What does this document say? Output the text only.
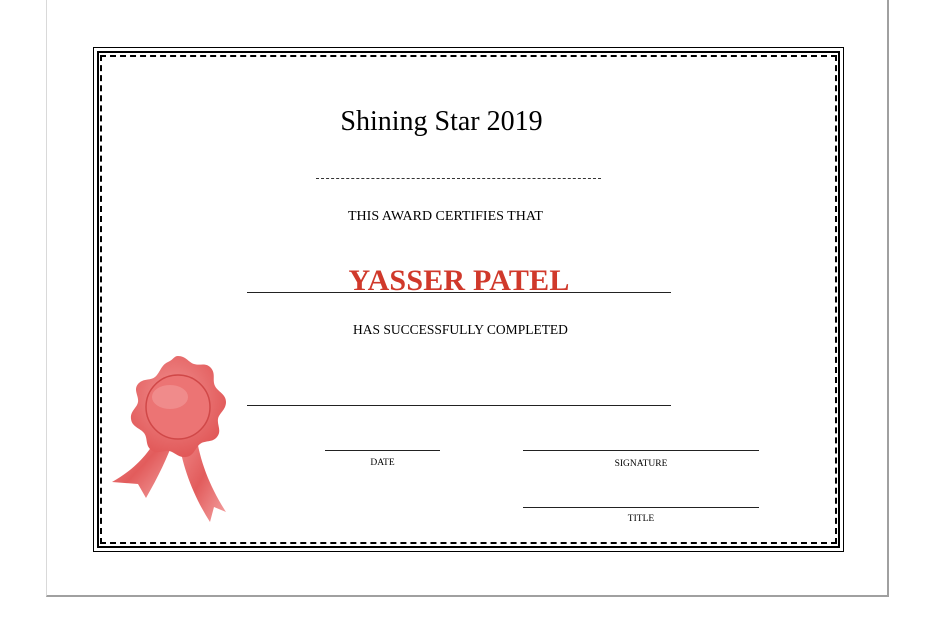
Shining Star 2019
THIS AWARD CERTIFIES THAT
YASSER PATEL
HAS SUCCESSFULLY COMPLETED
DATE	SIGNATURE
TITLE
